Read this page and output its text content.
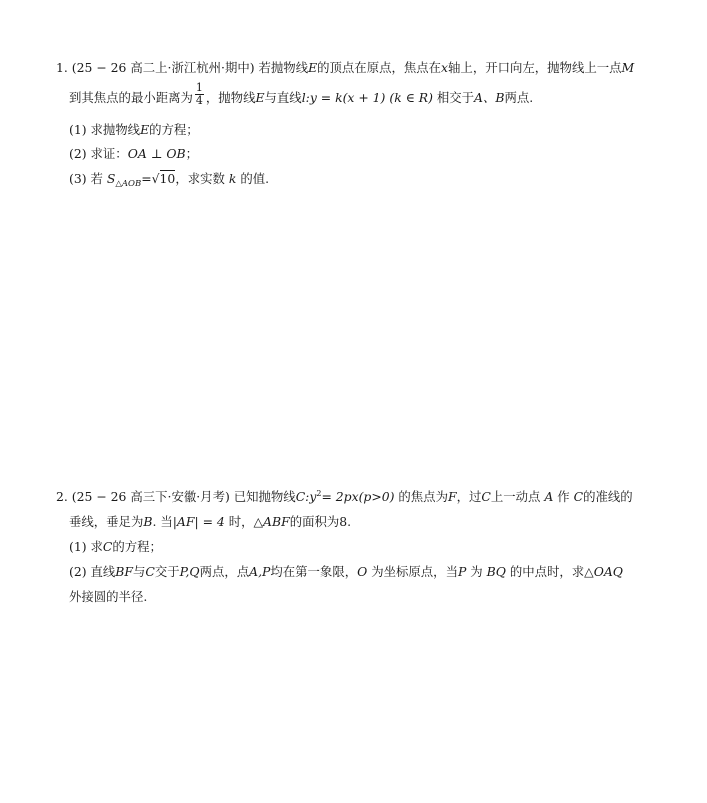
1. (25 − 26 高二上·浙江杭州·期中) 若抛物线E的顶点在原点，焦点在x轴上，开口向左，抛物线上一点M
到其焦点的最小距离为 $\frac{1}{4}$ ，抛物线E与直线l:y = k(x + 1) (k ∈ R) 相交于A、B两点.
(1) 求抛物线E的方程；
(2) 求证：OA ⊥ OB；
(3) 若 $S_{\triangle AOB}=√10$，求实数 k 的值.
2. (25 − 26 高三下·安徽·月考) 已知抛物线$C:y^2= 2px(p>0)$ 的焦点为F，过C上一动点 A 作 C的准线的
垂线，垂足为B. 当|AF| = 4 时，△ABF的面积为8.
(1) 求C的方程；
(2) 直线BF与C交于P,Q两点，点A,P均在第一象限，O 为坐标原点，当P 为 BQ 的中点时，求△OAQ
外接圆的半径.
